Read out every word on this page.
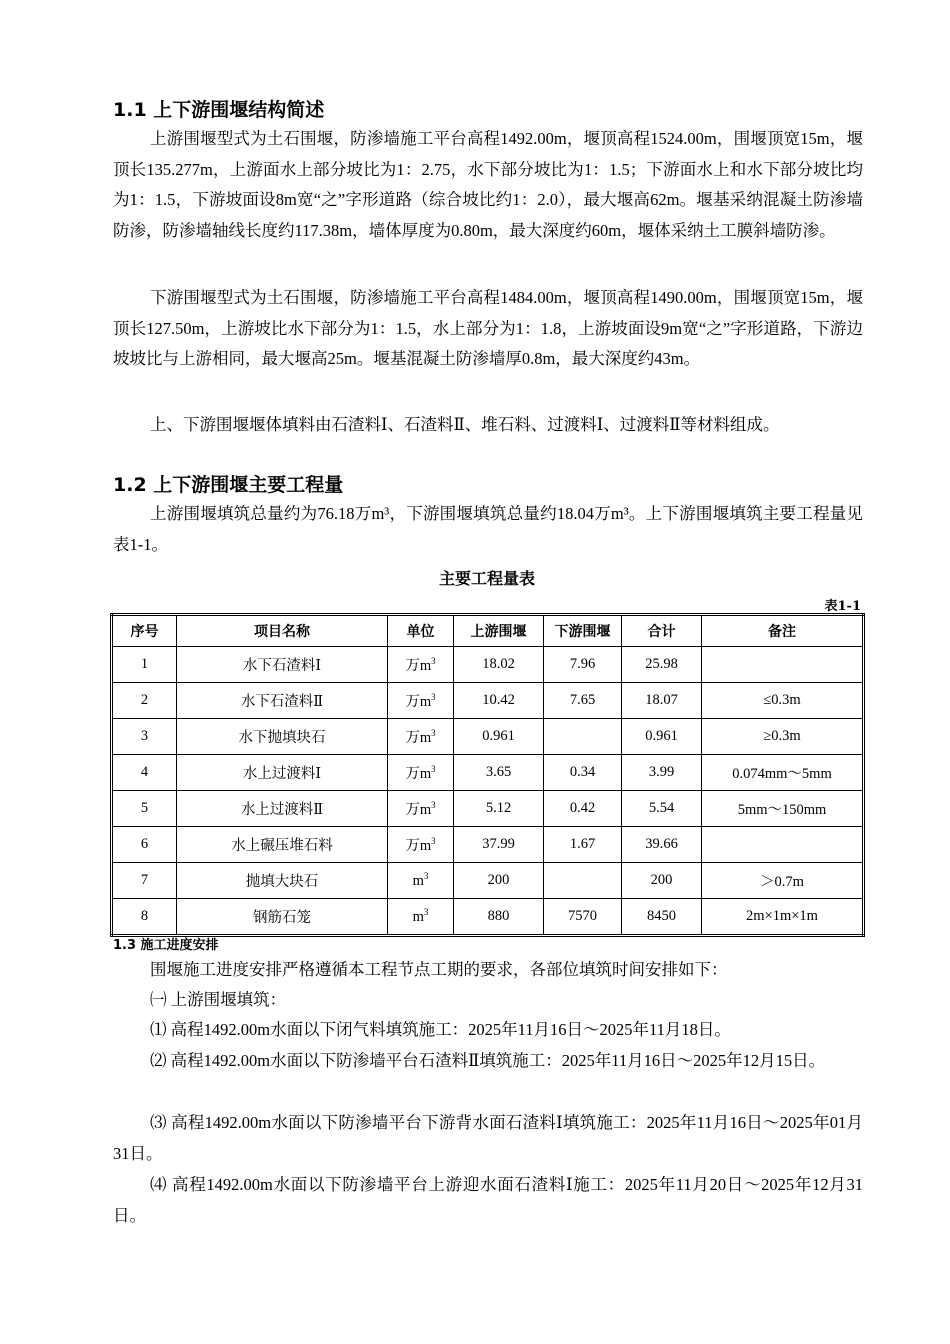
1.1 上下游围堰结构简述

上游围堰型式为土石围堰，防渗墙施工平台高程1492.00m，堰顶高程1524.00m，围堰顶宽15m，堰顶长135.277m，上游面水上部分坡比为1：2.75，水下部分坡比为1：1.5；下游面水上和水下部分坡比均为1：1.5，下游坡面设8m宽“之”字形道路（综合坡比约1：2.0），最大堰高62m。堰基采纳混凝土防渗墙防渗，防渗墙轴线长度约117.38m，墙体厚度为0.80m，最大深度约60m，堰体采纳土工膜斜墙防渗。

下游围堰型式为土石围堰，防渗墙施工平台高程1484.00m，堰顶高程1490.00m，围堰顶宽15m，堰顶长127.50m，上游坡比水下部分为1：1.5，水上部分为1：1.8，上游坡面设9m宽“之”字形道路，下游边坡坡比与上游相同，最大堰高25m。堰基混凝土防渗墙厚0.8m，最大深度约43m。

上、下游围堰堰体填料由石渣料Ⅰ、石渣料Ⅱ、堆石料、过渡料Ⅰ、过渡料Ⅱ等材料组成。

1.2 上下游围堰主要工程量

上游围堰填筑总量约为76.18万m³，下游围堰填筑总量约18.04万m³。上下游围堰填筑主要工程量见表1-1。

主要工程量表
表1-1
序号	项目名称	单位	上游围堰	下游围堰	合计	备注
1	水下石渣料Ⅰ	万$m^3$	18.02	7.96	25.98	
2	水下石渣料Ⅱ	万$m^3$	10.42	7.65	18.07	≤0.3m
3	水下抛填块石	万$m^3$	0.961		0.961	≥0.3m
4	水上过渡料Ⅰ	万$m^3$	3.65	0.34	3.99	0.074mm～5mm
5	水上过渡料Ⅱ	万$m^3$	5.12	0.42	5.54	5mm～150mm
6	水上碾压堆石料	万$m^3$	37.99	1.67	39.66	
7	抛填大块石	$m^3$	200		200	＞0.7m
8	钢筋石笼	$m^3$	880	7570	8450	2m×1m×1m
1.3 施工进度安排

围堰施工进度安排严格遵循本工程节点工期的要求，各部位填筑时间安排如下：

㈠ 上游围堰填筑：

⑴ 高程1492.00m水面以下闭气料填筑施工：2025年11月16日～2025年11月18日。

⑵ 高程1492.00m水面以下防渗墙平台石渣料Ⅱ填筑施工：2025年11月16日～2025年12月15日。

⑶ 高程1492.00m水面以下防渗墙平台下游背水面石渣料Ⅰ填筑施工：2025年11月16日～2025年01月31日。

⑷ 高程1492.00m水面以下防渗墙平台上游迎水面石渣料Ⅰ施工：2025年11月20日～2025年12月31日。
